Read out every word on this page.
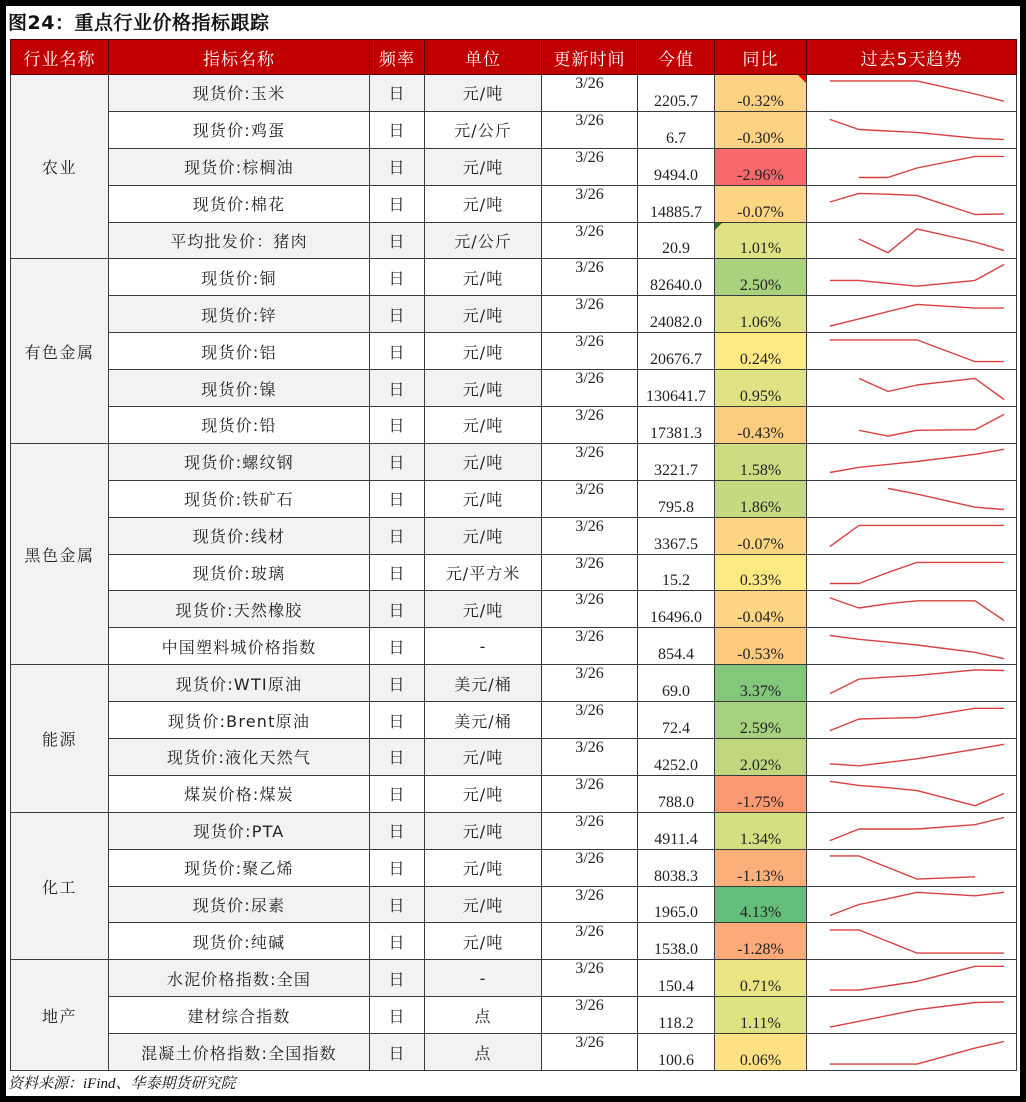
图24：重点行业价格指标跟踪
行业名称	指标名称	频率	单位	更新时间	今值	同比	过去5天趋势
农业	现货价:玉米	日	元/吨	3/26	2205.7	-0.32%	

	现货价:鸡蛋	日	元/公斤	3/26	6.7	-0.30%	

	现货价:棕榈油	日	元/吨	3/26	9494.0	-2.96%	

	现货价:棉花	日	元/吨	3/26	14885.7	-0.07%	

	平均批发价：猪肉	日	元/公斤	3/26	20.9	1.01%	

有色金属	现货价:铜	日	元/吨	3/26	82640.0	2.50%	

	现货价:锌	日	元/吨	3/26	24082.0	1.06%	

	现货价:铝	日	元/吨	3/26	20676.7	0.24%	

	现货价:镍	日	元/吨	3/26	130641.7	0.95%	

	现货价:铅	日	元/吨	3/26	17381.3	-0.43%	

黑色金属	现货价:螺纹钢	日	元/吨	3/26	3221.7	1.58%	

	现货价:铁矿石	日	元/吨	3/26	795.8	1.86%	

	现货价:线材	日	元/吨	3/26	3367.5	-0.07%	

	现货价:玻璃	日	元/平方米	3/26	15.2	0.33%	

	现货价:天然橡胶	日	元/吨	3/26	16496.0	-0.04%	

	中国塑料城价格指数	日	-	3/26	854.4	-0.53%	

能源	现货价:WTI原油	日	美元/桶	3/26	69.0	3.37%	

	现货价:Brent原油	日	美元/桶	3/26	72.4	2.59%	

	现货价:液化天然气	日	元/吨	3/26	4252.0	2.02%	

	煤炭价格:煤炭	日	元/吨	3/26	788.0	-1.75%	

化工	现货价:PTA	日	元/吨	3/26	4911.4	1.34%	

	现货价:聚乙烯	日	元/吨	3/26	8038.3	-1.13%	

	现货价:尿素	日	元/吨	3/26	1965.0	4.13%	

	现货价:纯碱	日	元/吨	3/26	1538.0	-1.28%	

地产	水泥价格指数:全国	日	-	3/26	150.4	0.71%	

	建材综合指数	日	点	3/26	118.2	1.11%	

	混凝土价格指数:全国指数	日	点	3/26	100.6	0.06%	
资料来源：iFind、华泰期货研究院
